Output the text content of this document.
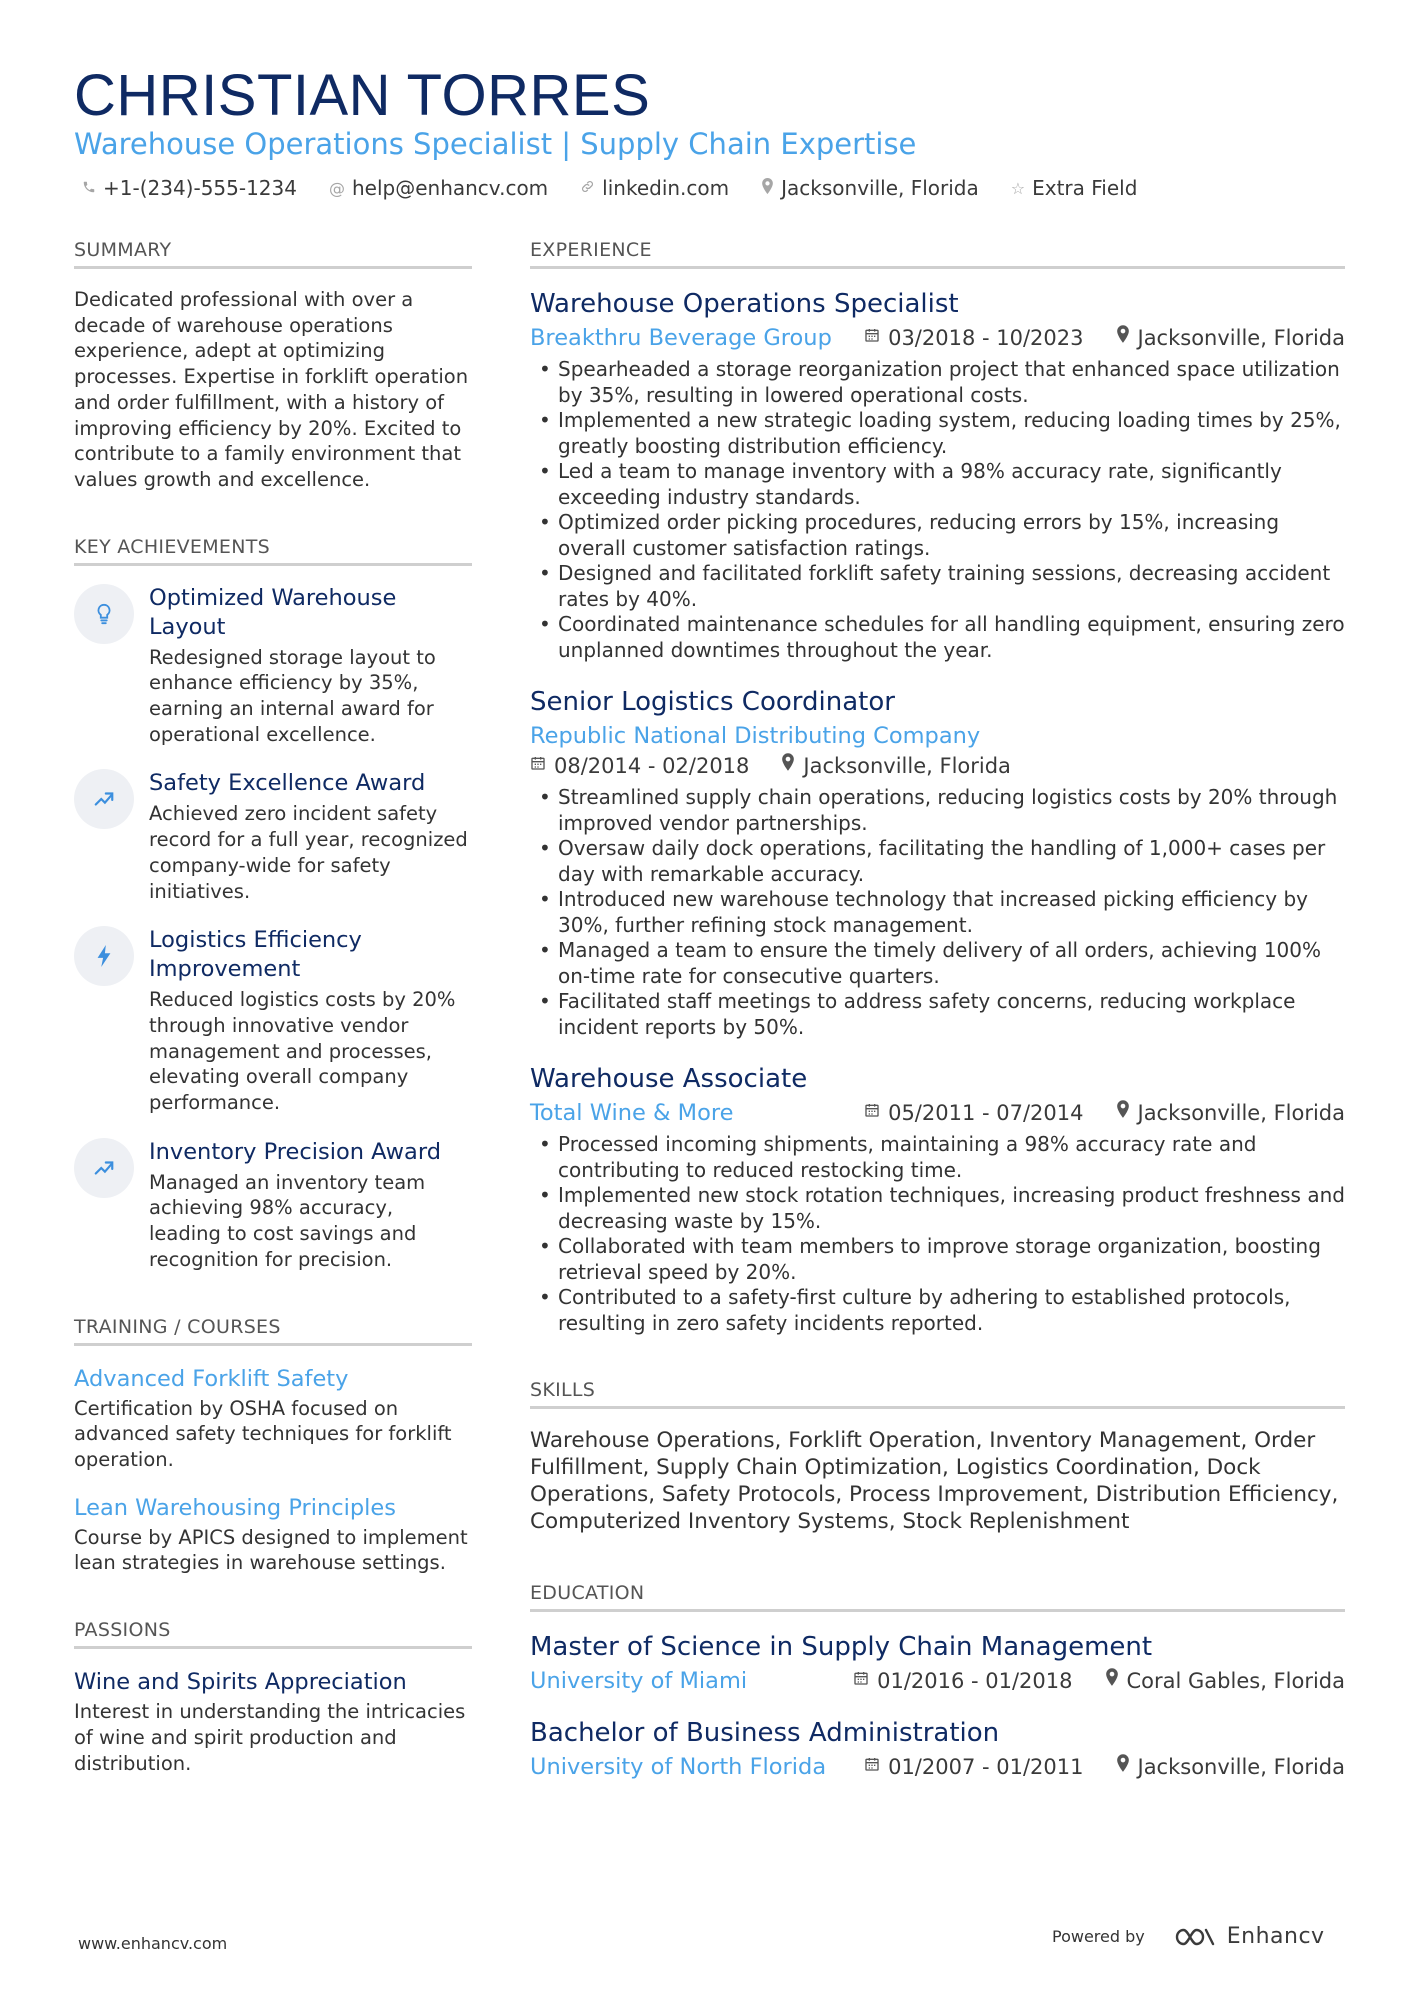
CHRISTIAN TORRES
Warehouse Operations Specialist | Supply Chain Expertise
+1-(234)-555-1234 @ help@enhancv.com	linkedin.com	Jacksonville, Florida ☆ Extra Field
SUMMARY
Dedicated professional with over a decade of warehouse operations experience, adept at optimizing processes. Expertise in forklift operation and order fulfillment, with a history of improving efficiency by 20%. Excited to contribute to a family environment that values growth and excellence.
KEY ACHIEVEMENTS
Optimized Warehouse Layout
Redesigned storage layout to enhance efficiency by 35%, earning an internal award for operational excellence.
Safety Excellence Award
Achieved zero incident safety record for a full year, recognized company-wide for safety initiatives.
Logistics Efficiency Improvement
Reduced logistics costs by 20% through innovative vendor management and processes, elevating overall company performance.
Inventory Precision Award
Managed an inventory team achieving 98% accuracy, leading to cost savings and recognition for precision.
TRAINING / COURSES
Advanced Forklift Safety
Certification by OSHA focused on advanced safety techniques for forklift operation.
Lean Warehousing Principles
Course by APICS designed to implement lean strategies in warehouse settings.
PASSIONS
Wine and Spirits Appreciation
Interest in understanding the intricacies of wine and spirit production and distribution.
EXPERIENCE
Warehouse Operations Specialist
Breakthru Beverage Group	03/2018 - 10/2023	Jacksonville, Florida
• Spearheaded a storage reorganization project that enhanced space utilization by 35%, resulting in lowered operational costs.
• Implemented a new strategic loading system, reducing loading times by 25%, greatly boosting distribution efficiency.
• Led a team to manage inventory with a 98% accuracy rate, significantly exceeding industry standards.
• Optimized order picking procedures, reducing errors by 15%, increasing overall customer satisfaction ratings.
• Designed and facilitated forklift safety training sessions, decreasing accident rates by 40%.
• Coordinated maintenance schedules for all handling equipment, ensuring zero unplanned downtimes throughout the year.
Senior Logistics Coordinator
Republic National Distributing Company
08/2014 - 02/2018	Jacksonville, Florida
• Streamlined supply chain operations, reducing logistics costs by 20% through improved vendor partnerships.
• Oversaw daily dock operations, facilitating the handling of 1,000+ cases per day with remarkable accuracy.
• Introduced new warehouse technology that increased picking efficiency by 30%, further refining stock management.
• Managed a team to ensure the timely delivery of all orders, achieving 100% on-time rate for consecutive quarters.
• Facilitated staff meetings to address safety concerns, reducing workplace incident reports by 50%.
Warehouse Associate
Total Wine & More	05/2011 - 07/2014	Jacksonville, Florida
• Processed incoming shipments, maintaining a 98% accuracy rate and contributing to reduced restocking time.
• Implemented new stock rotation techniques, increasing product freshness and decreasing waste by 15%.
• Collaborated with team members to improve storage organization, boosting retrieval speed by 20%.
• Contributed to a safety-first culture by adhering to established protocols, resulting in zero safety incidents reported.
SKILLS
Warehouse Operations, Forklift Operation, Inventory Management, Order Fulfillment, Supply Chain Optimization, Logistics Coordination, Dock Operations, Safety Protocols, Process Improvement, Distribution Efficiency, Computerized Inventory Systems, Stock Replenishment
EDUCATION
Master of Science in Supply Chain Management
University of Miami	01/2016 - 01/2018	Coral Gables, Florida
Bachelor of Business Administration
University of North Florida	01/2007 - 01/2011	Jacksonville, Florida
www.enhancv.com	Powered by	Enhancv
